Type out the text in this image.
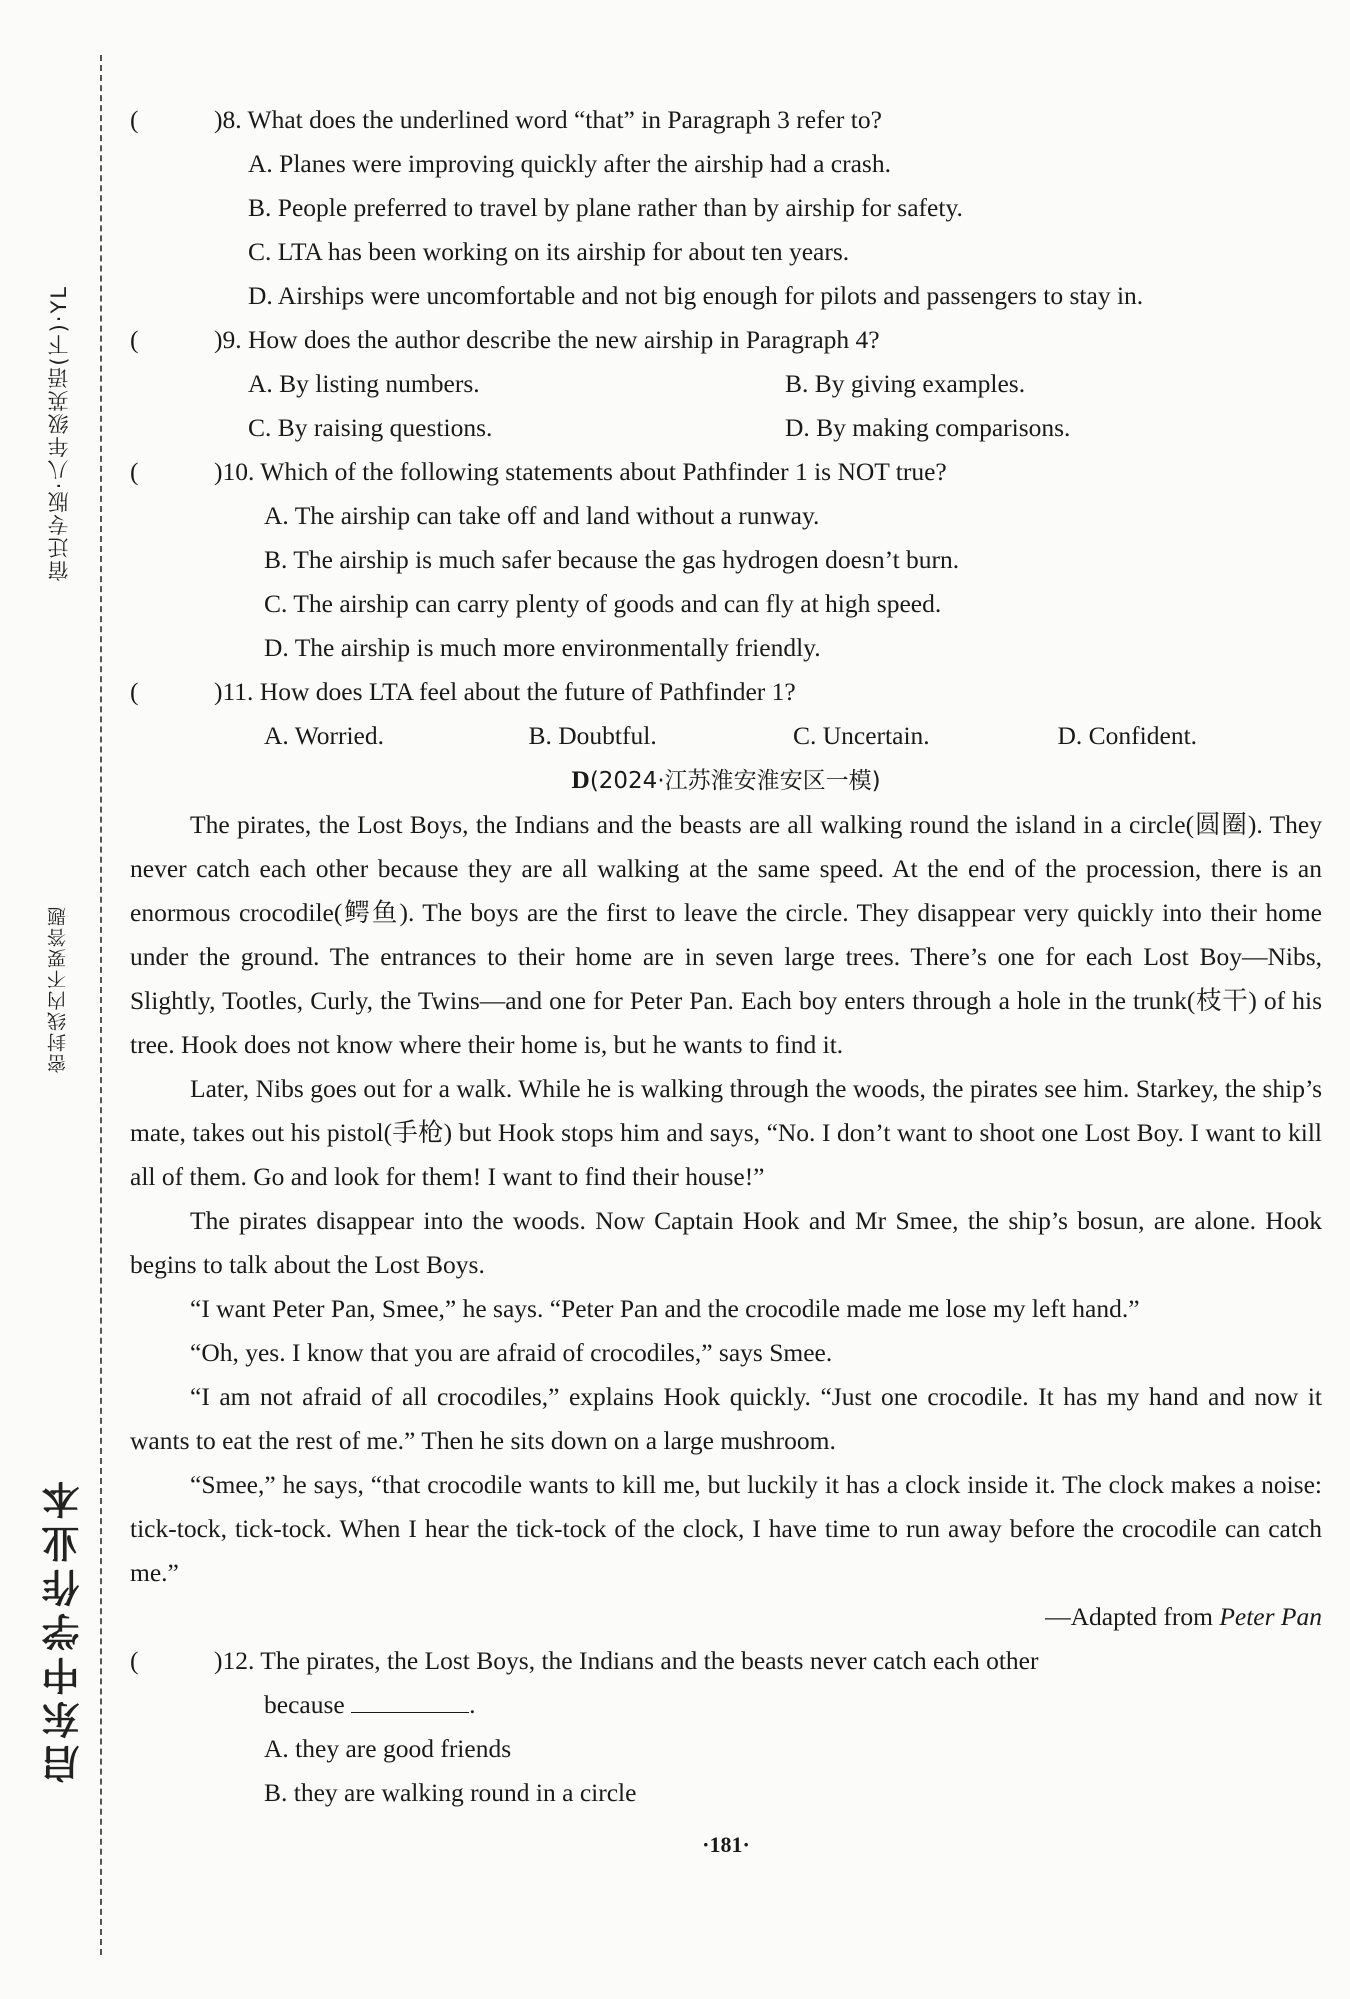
宿迁专版·八年级英语(下)·YL
密封线内不要答题
启东中学作业本
(	)8. What does the underlined word “that” in Paragraph 3 refer to?
A. Planes were improving quickly after the airship had a crash.
B. People preferred to travel by plane rather than by airship for safety.
C. LTA has been working on its airship for about ten years.
D. Airships were uncomfortable and not big enough for pilots and passengers to stay in.
(	)9. How does the author describe the new airship in Paragraph 4?
A. By listing numbers.	B. By giving examples.
C. By raising questions.	D. By making comparisons.
(	)10. Which of the following statements about Pathfinder 1 is NOT true?
A. The airship can take off and land without a runway.
B. The airship is much safer because the gas hydrogen doesn’t burn.
C. The airship can carry plenty of goods and can fly at high speed.
D. The airship is much more environmentally friendly.
(	)11. How does LTA feel about the future of Pathfinder 1?
A. Worried.	B. Doubtful.	C. Uncertain.	D. Confident.
D(2024·江苏淮安淮安区一模)
The pirates, the Lost Boys, the Indians and the beasts are all walking round the island in a circle(圆圈). They never catch each other because they are all walking at the same speed. At the end of the procession, there is an enormous crocodile(鳄鱼). The boys are the first to leave the circle. They disappear very quickly into their home under the ground. The entrances to their home are in seven large trees. There’s one for each Lost Boy—Nibs, Slightly, Tootles, Curly, the Twins—and one for Peter Pan. Each boy enters through a hole in the trunk(枝干) of his tree. Hook does not know where their home is, but he wants to find it.
Later, Nibs goes out for a walk. While he is walking through the woods, the pirates see him. Starkey, the ship’s mate, takes out his pistol(手枪) but Hook stops him and says, “No. I don’t want to shoot one Lost Boy. I want to kill all of them. Go and look for them! I want to find their house!”
The pirates disappear into the woods. Now Captain Hook and Mr Smee, the ship’s bosun, are alone. Hook begins to talk about the Lost Boys.
“I want Peter Pan, Smee,” he says. “Peter Pan and the crocodile made me lose my left hand.”
“Oh, yes. I know that you are afraid of crocodiles,” says Smee.
“I am not afraid of all crocodiles,” explains Hook quickly. “Just one crocodile. It has my hand and now it wants to eat the rest of me.” Then he sits down on a large mushroom.
“Smee,” he says, “that crocodile wants to kill me, but luckily it has a clock inside it. The clock makes a noise: tick-tock, tick-tock. When I hear the tick-tock of the clock, I have time to run away before the crocodile can catch me.”
—Adapted from Peter Pan
(	)12. The pirates, the Lost Boys, the Indians and the beasts never catch each other
because	.
A. they are good friends
B. they are walking round in a circle
·181·
